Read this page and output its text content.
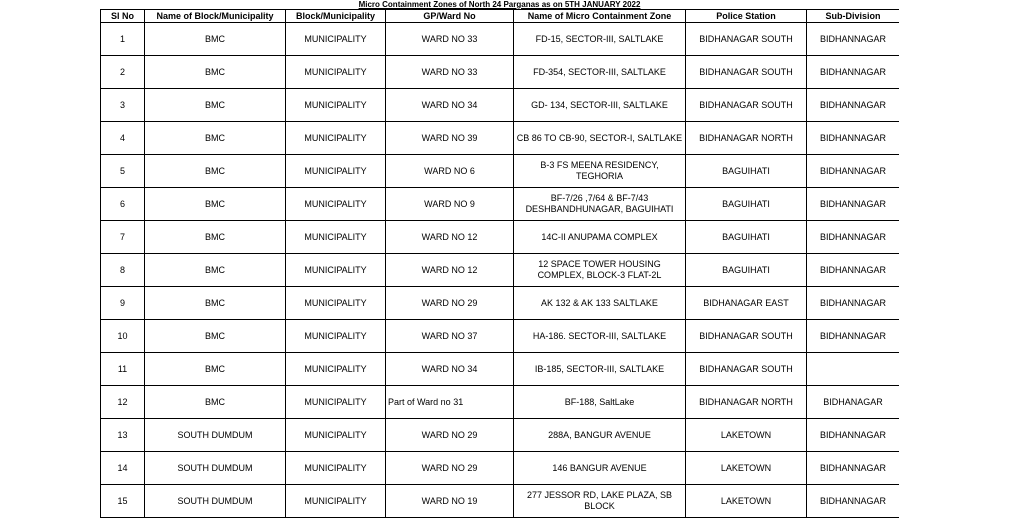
Micro Containment Zones of North 24 Parganas as on 5TH JANUARY 2022
Sl No	Name of Block/Municipality	Block/Municipality	GP/Ward No	Name of Micro Containment Zone	Police Station	Sub-Division
1	BMC	MUNICIPALITY	WARD NO 33	FD-15, SECTOR-III, SALTLAKE	BIDHANAGAR SOUTH	BIDHANNAGAR
2	BMC	MUNICIPALITY	WARD NO 33	FD-354, SECTOR-III, SALTLAKE	BIDHANAGAR SOUTH	BIDHANNAGAR
3	BMC	MUNICIPALITY	WARD NO 34	GD- 134, SECTOR-III, SALTLAKE	BIDHANAGAR SOUTH	BIDHANNAGAR
4	BMC	MUNICIPALITY	WARD NO 39	CB 86 TO CB-90, SECTOR-I, SALTLAKE	BIDHANAGAR NORTH	BIDHANNAGAR
5	BMC	MUNICIPALITY	WARD NO 6	B-3 FS MEENA RESIDENCY, TEGHORIA	BAGUIHATI	BIDHANNAGAR
6	BMC	MUNICIPALITY	WARD NO 9	BF-7/26 ,7/64 & BF-7/43 DESHBANDHUNAGAR, BAGUIHATI	BAGUIHATI	BIDHANNAGAR
7	BMC	MUNICIPALITY	WARD NO 12	14C-II ANUPAMA COMPLEX	BAGUIHATI	BIDHANNAGAR
8	BMC	MUNICIPALITY	WARD NO 12	12 SPACE TOWER HOUSING COMPLEX, BLOCK-3 FLAT-2L	BAGUIHATI	BIDHANNAGAR
9	BMC	MUNICIPALITY	WARD NO 29	AK 132 & AK 133 SALTLAKE	BIDHANAGAR EAST	BIDHANNAGAR
10	BMC	MUNICIPALITY	WARD NO 37	HA-186. SECTOR-III, SALTLAKE	BIDHANAGAR SOUTH	BIDHANNAGAR
11	BMC	MUNICIPALITY	WARD NO 34	IB-185, SECTOR-III, SALTLAKE	BIDHANAGAR SOUTH	
12	BMC	MUNICIPALITY	Part of Ward no 31	BF-188, SaltLake	BIDHANAGAR NORTH	BIDHANAGAR
13	SOUTH DUMDUM	MUNICIPALITY	WARD NO 29	288A, BANGUR AVENUE	LAKETOWN	BIDHANNAGAR
14	SOUTH DUMDUM	MUNICIPALITY	WARD NO 29	146 BANGUR AVENUE	LAKETOWN	BIDHANNAGAR
15	SOUTH DUMDUM	MUNICIPALITY	WARD NO 19	277 JESSOR RD, LAKE PLAZA, SB BLOCK	LAKETOWN	BIDHANNAGAR
